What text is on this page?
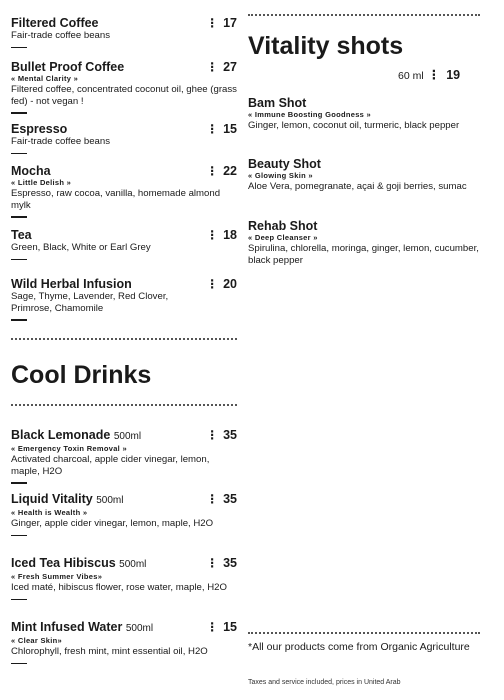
Filtered Coffee	⋮ 17
Fair-trade coffee beans
Bullet Proof Coffee	⋮ 27
« Mental Clarity »
Filtered coffee, concentrated coconut oil, ghee (grass fed) - not vegan !
Espresso	⋮ 15
Fair-trade coffee beans
Mocha	⋮ 22
« Little Delish »
Espresso, raw cocoa, vanilla, homemade almond mylk
Tea	⋮ 18
Green, Black, White or Earl Grey
Wild Herbal Infusion	⋮ 20
Sage, Thyme, Lavender, Red Clover, Primrose, Chamomile
Cool Drinks
Black Lemonade 500ml	⋮ 35
« Emergency Toxin Removal »
Activated charcoal, apple cider vinegar, lemon, maple, H2O
Liquid Vitality 500ml	⋮ 35
« Health is Wealth »
Ginger, apple cider vinegar, lemon, maple, H2O
Iced Tea Hibiscus 500ml	⋮ 35
« Fresh Summer Vibes»
Iced maté, hibiscus flower, rose water, maple, H2O
Mint Infused Water 500ml	⋮ 15
« Clear Skin»
Chlorophyll, fresh mint, mint essential oil, H2O
Vitality shots
60 ml ⋮ 19
Bam Shot
« Immune Boosting Goodness »
Ginger, lemon, coconut oil, turmeric, black pepper
Beauty Shot
« Glowing Skin »
Aloe Vera, pomegranate, açai & goji berries, sumac
Rehab Shot
« Deep Cleanser »
Spirulina, chlorella, moringa, ginger, lemon, cucumber, black pepper
*All our products come from Organic Agriculture
Taxes and service included, prices in United Arab
